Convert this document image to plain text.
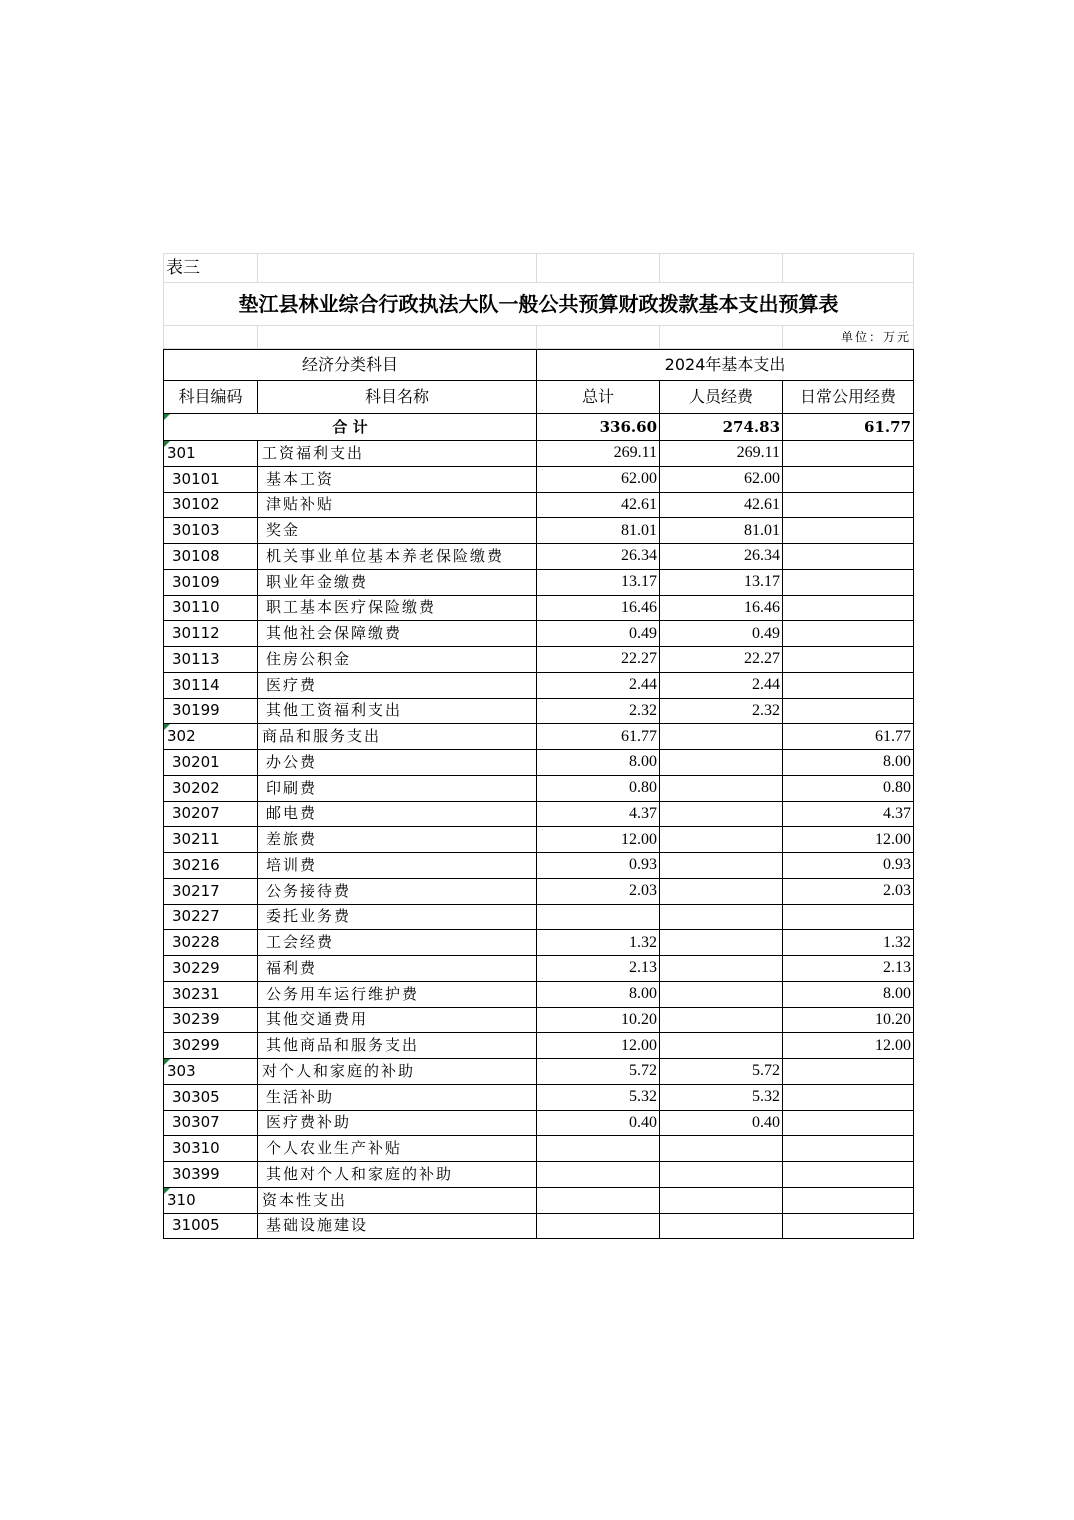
表三				
垫江县林业综合行政执法大队一般公共预算财政拨款基本支出预算表				
				单位：万元
经济分类科目		2024年基本支出		
科目编码	科目名称	总计	人员经费	日常公用经费

合 计		336.60	274.83	61.77

301	工资福利支出	269.11	269.11	
30101	基本工资	62.00	62.00	
30102	津贴补贴	42.61	42.61	
30103	奖金	81.01	81.01	
30108	机关事业单位基本养老保险缴费	26.34	26.34	
30109	职业年金缴费	13.17	13.17	
30110	职工基本医疗保险缴费	16.46	16.46	
30112	其他社会保障缴费	0.49	0.49	
30113	住房公积金	22.27	22.27	
30114	医疗费	2.44	2.44	
30199	其他工资福利支出	2.32	2.32	

302	商品和服务支出	61.77		61.77
30201	办公费	8.00		8.00
30202	印刷费	0.80		0.80
30207	邮电费	4.37		4.37
30211	差旅费	12.00		12.00
30216	培训费	0.93		0.93
30217	公务接待费	2.03		2.03
30227	委托业务费			
30228	工会经费	1.32		1.32
30229	福利费	2.13		2.13
30231	公务用车运行维护费	8.00		8.00
30239	其他交通费用	10.20		10.20
30299	其他商品和服务支出	12.00		12.00

303	对个人和家庭的补助	5.72	5.72	
30305	生活补助	5.32	5.32	
30307	医疗费补助	0.40	0.40	
30310	个人农业生产补贴			
30399	其他对个人和家庭的补助			

310	资本性支出			
31005	基础设施建设			
